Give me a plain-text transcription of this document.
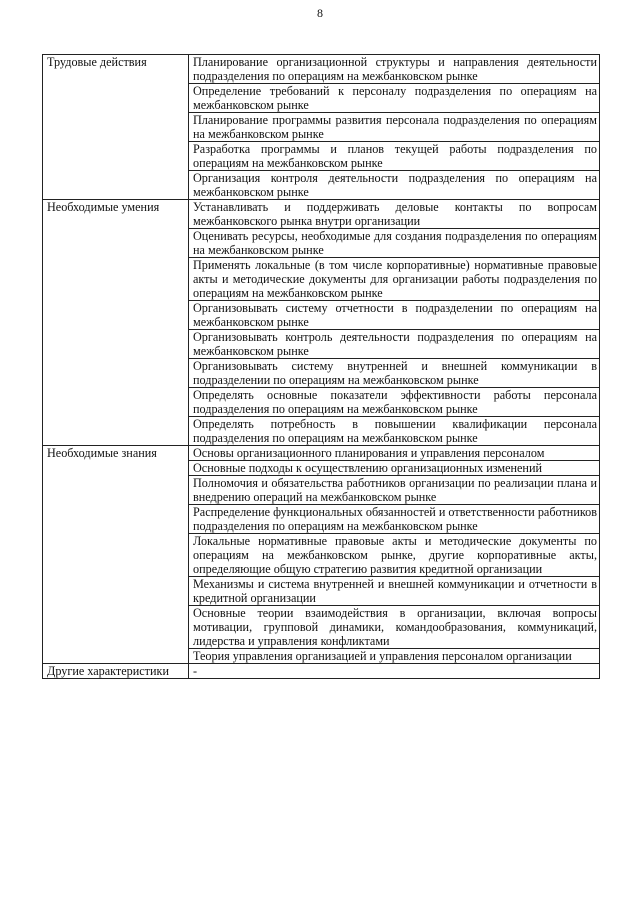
8
Трудовые действия	Планирование организационной структуры и направления деятельности подразделения по операциям на межбанковском рынке
	Определение требований к персоналу подразделения по операциям на межбанковском рынке
	Планирование программы развития персонала подразделения по операциям на межбанковском рынке
	Разработка программы и планов текущей работы подразделения по операциям на межбанковском рынке
	Организация контроля деятельности подразделения по операциям на межбанковском рынке
Необходимые умения	Устанавливать и поддерживать деловые контакты по вопросам межбанковского рынка внутри организации
	Оценивать ресурсы, необходимые для создания подразделения по операциям на межбанковском рынке
	Применять локальные (в том числе корпоративные) нормативные правовые акты и методические документы для организации работы подразделения по операциям на межбанковском рынке
	Организовывать систему отчетности в подразделении по операциям на межбанковском рынке
	Организовывать контроль деятельности подразделения по операциям на межбанковском рынке
	Организовывать систему внутренней и внешней коммуникации в подразделении по операциям на межбанковском рынке
	Определять основные показатели эффективности работы персонала подразделения по операциям на межбанковском рынке
	Определять потребность в повышении квалификации персонала подразделения по операциям на межбанковском рынке
Необходимые знания	Основы организационного планирования и управления персоналом
	Основные подходы к осуществлению организационных изменений
	Полномочия и обязательства работников организации по реализации плана и внедрению операций на межбанковском рынке
	Распределение функциональных обязанностей и ответственности работников подразделения по операциям на межбанковском рынке
	Локальные нормативные правовые акты и методические документы по операциям на межбанковском рынке, другие корпоративные акты, определяющие общую стратегию развития кредитной организации
	Механизмы и система внутренней и внешней коммуникации и отчетности в кредитной организации
	Основные теории взаимодействия в организации, включая вопросы мотивации, групповой динамики, командообразования, коммуникаций, лидерства и управления конфликтами
	Теория управления организацией и управления персоналом организации
Другие характеристики	-
